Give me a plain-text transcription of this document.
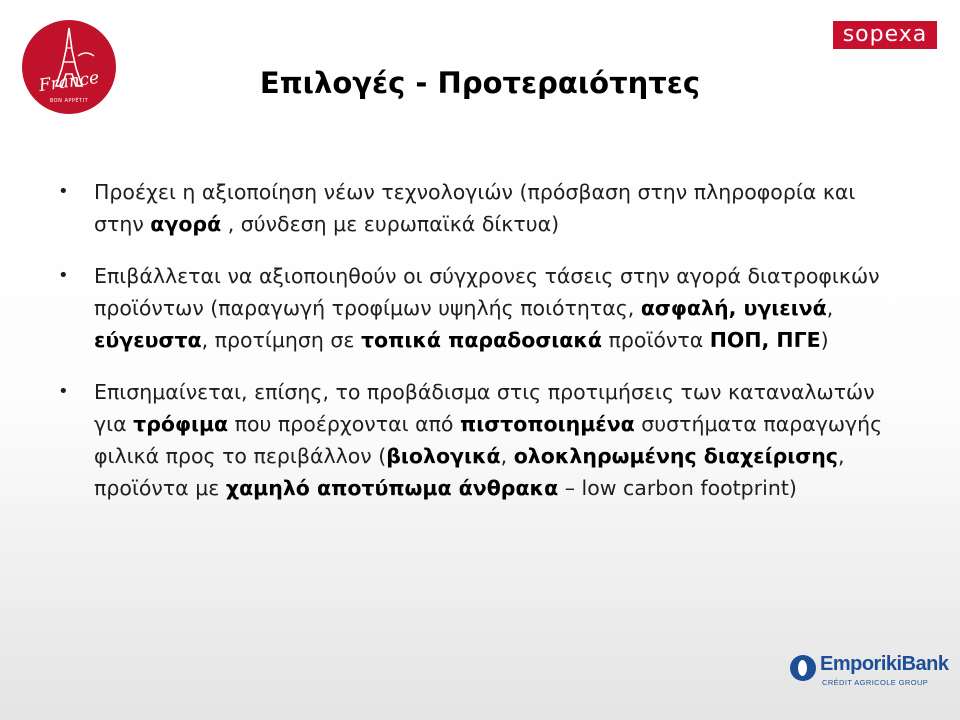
France
BON APPÉTIT
sopexa
Επιλογές - Προτεραιότητες
• Προέχει η αξιοποίηση νέων τεχνολογιών (πρόσβαση στην πληροφορία και στην αγορά , σύνδεση με ευρωπαϊκά δίκτυα)
• Επιβάλλεται να αξιοποιηθούν οι σύγχρονες τάσεις στην αγορά διατροφικών προϊόντων (παραγωγή τροφίμων υψηλής ποιότητας, ασφαλή, υγιεινά, εύγευστα, προτίμηση σε τοπικά παραδοσιακά προϊόντα ΠΟΠ, ΠΓΕ)
• Επισημαίνεται, επίσης, το προβάδισμα στις προτιμήσεις των καταναλωτών για τρόφιμα που προέρχονται από πιστοποιημένα συστήματα παραγωγής φιλικά προς το περιβάλλον (βιολογικά, ολοκληρωμένης διαχείρισης, προϊόντα με χαμηλό αποτύπωμα άνθρακα – low carbon footprint)
EmporikiBank
CRÉDIT AGRICOLE GROUP
